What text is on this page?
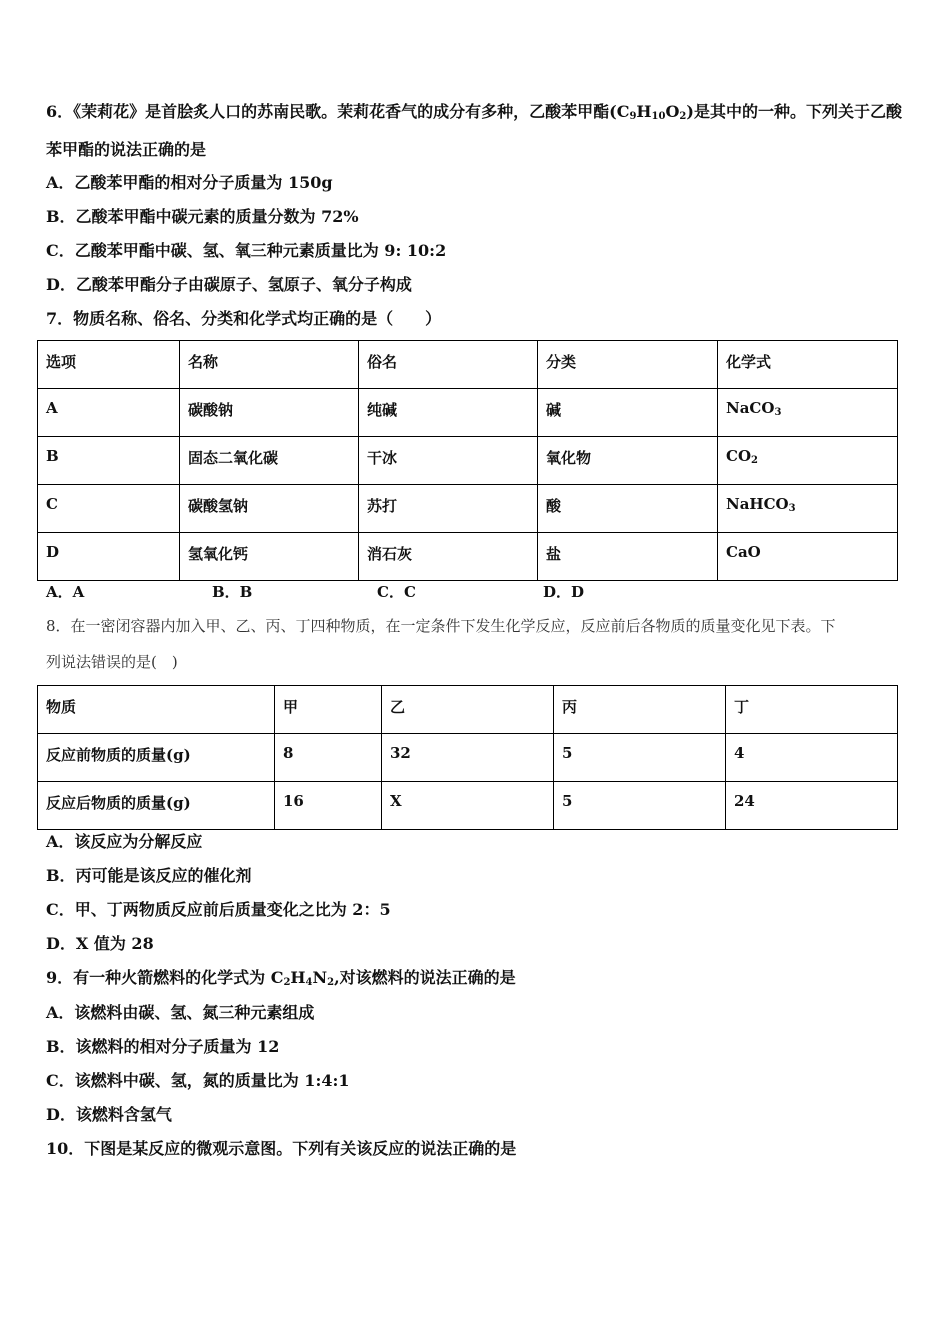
6．《茉莉花》是首脍炙人口的苏南民歌。茉莉花香气的成分有多种，乙酸苯甲酯$(C_9H_{10}O_2)$是其中的一种。下列关于乙酸
苯甲酯的说法正确的是
A．乙酸苯甲酯的相对分子质量为 150g
B．乙酸苯甲酯中碳元素的质量分数为 72%
C．乙酸苯甲酯中碳、氢、氧三种元素质量比为 9: 10:2
D．乙酸苯甲酯分子由碳原子、氢原子、氧分子构成
7．物质名称、俗名、分类和化学式均正确的是（　　）
选项	名称	俗名	分类	化学式
A	碳酸钠	纯碱	碱	NaCO$_3$
B	固态二氧化碳	干冰	氧化物	$CO_2$
C	碳酸氢钠	苏打	酸	NaHCO$_3$
D	氢氧化钙	消石灰	盐	CaO
A．A	B．B	C．C	D．D
8．在一密闭容器内加入甲、乙、丙、丁四种物质，在一定条件下发生化学反应，反应前后各物质的质量变化见下表。下
列说法错误的是(　)
物质	甲	乙	丙	丁
反应前物质的质量(g)	8	32	5	4
反应后物质的质量(g)	16	X	5	24
A．该反应为分解反应
B．丙可能是该反应的催化剂
C．甲、丁两物质反应前后质量变化之比为 2：5
D．X 值为 28
9．有一种火箭燃料的化学式为 $C_2H_4N_2$,对该燃料的说法正确的是
A．该燃料由碳、氢、氮三种元素组成
B．该燃料的相对分子质量为 12
C．该燃料中碳、氢，氮的质量比为 1:4:1
D．该燃料含氢气
10．下图是某反应的微观示意图。下列有关该反应的说法正确的是
